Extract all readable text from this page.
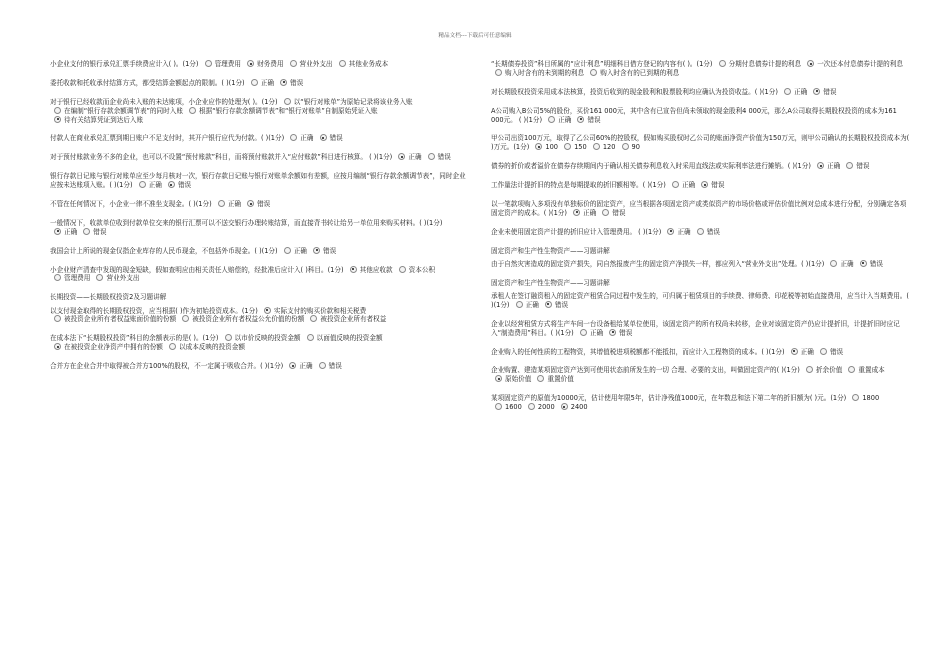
精品文档---下载后可任意编辑
小企业支付的银行承兑汇票手续费应计入( )。(1分) 管理费用 财务费用 营业外支出 其他业务成本
委托收款和托收承付结算方式，都受结算金额起点的限制。( )(1分) 正确 错误
对于银行已经收款而企业尚未入账的未达账项，小企业应作的处理为( )。(1分) 以“银行对账单”为原始记录将该业务入账 在编制“银行存款余额调节表”的同时入账 根据“银行存款余额调节表”和“银行对账单”自制原始凭证入账 待有关结算凭证到达后入账
付款人在商业承兑汇票到期日账户不足支付时，其开户银行应代为付款。( )(1分) 正确 错误
对于预付账款业务不多的企业，也可以不设置“预付账款”科目，而将预付账款并入“应付账款”科目进行核算。 ( )(1分) 正确 错误
银行存款日记账与银行对账单应至少每月核对一次，银行存款日记账与银行对账单余额如有差额，应按月编制“银行存款余额调节表”，同时企业应按未达账项入账。( )(1分) 正确 错误
不管在任何情况下，小企业一律不准坐支现金。( )(1分) 正确 错误
一般情况下，收款单位收到付款单位交来的银行汇票可以不送交银行办理转账结算，而直接背书转让给另一单位用来购买材料。( )(1分) 正确 错误
我国会计上所说的现金仅指企业库存的人民币现金，不包括外币现金。( )(1分) 正确 错误
小企业财产清查中发现的现金短缺，假如查明应由相关责任人赔偿的，经批准后应计入( )科目。(1分) 其他应收款 资本公积 管理费用 营业外支出
长期投资——长期股权投资2及习题讲解
以支付现金取得的长期股权投资，应当根据( )作为初始投资成本。(1分) 实际支付的购买价款和相关税费 被投资企业所有者权益账面价值的份额 被投资企业所有者权益公允价值的份额 被投资企业所有者权益
在成本法下“长期股权投资”科目的余额表示的是( )。(1分) 以市价反映的投资金额 以面值反映的投资金额 在被投资企业净资产中拥有的份额 以成本反映的投资金额
合并方在企业合并中取得被合并方100%的股权，不一定属于吸收合并。( )(1分) 正确 错误
“长期债券投资”科目所属的“应计利息”明细科目借方登记的内容有( )。(1分) 分期付息债券计提的利息 一次还本付息债券计提的利息 购入时含有的未到期的利息 购入时含有的已到期的利息
对长期股权投资采用成本法核算，投资后收到的现金股利和股票股利均应确认为投资收益。( )(1分) 正确 错误
A公司购入B公司5%的股份，买价161 000元，其中含有已宣告但尚未领取的现金股利4 000元，那么A公司取得长期股权投资的成本为161 000元。 ( )(1分) 正确 错误
甲公司出资100万元，取得了乙公司60%的控股权，假如购买股权时乙公司的账面净资产价值为150万元，则甲公司确认的长期股权投资成本为( )万元。(1分) 100 150 120 90
债券的折价或者溢价在债券存续期间内于确认相关债券利息收入时采用直线法或实际利率法进行摊销。( )(1分) 正确 错误
工作量法计提折旧的特点是每期提取的折旧额相等。( )(1分) 正确 错误
以一笔款项购入多项没有单独标价的固定资产，应当根据各项固定资产或类似资产的市场价格或评估价值比例对总成本进行分配，分别确定各项固定资产的成本。( )(1分) 正确 错误
企业未使用固定资产计提的折旧应计入管理费用。 ( )(1分) 正确 错误
固定资产和生产性生物资产——习题讲解
由于自然灾害造成的固定资产损失，同自然报废产生的固定资产净损失一样，都应列入“营业外支出”处理。( )(1分) 正确 错误
固定资产和生产性生物资产——习题讲解
承租人在签订融资租入的固定资产租赁合同过程中发生的，可归属于租赁项目的手续费、律师费、印花税等初始直接费用，应当计入当期费用。( )(1分) 正确 错误
企业以经营租赁方式将生产车间一台设备租给某单位使用，该固定资产的所有权尚未转移，企业对该固定资产仍应计提折旧，计提折旧时应记入“制造费用”科目。( )(1分) 正确 错误
企业购入的任何性质的工程物资，其增值税进项税额都不能抵扣，而应计入工程物资的成本。( )(1分) 正确 错误
企业购置、建造某项固定资产达到可使用状态前所发生的一切 合理、必要的支出，叫做固定资产的( )(1分) 折余价值 重置成本 原始价值 重置价值
某项固定资产的原值为10000元，估计使用年限5年，估计净残值1000元，在年数总和法下第二年的折旧额为( )元。(1分) 1800 1600 2000 2400
